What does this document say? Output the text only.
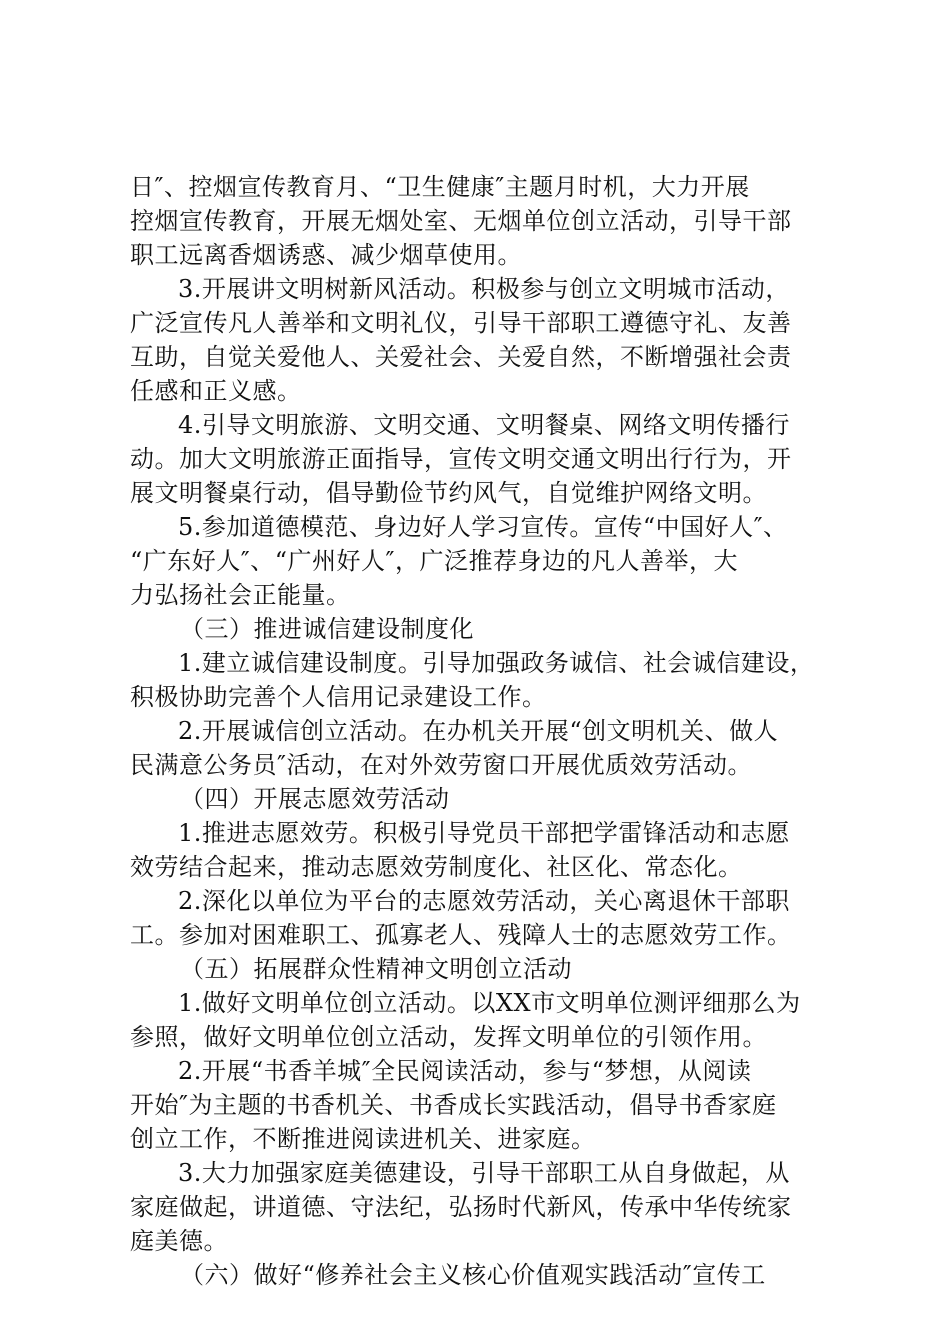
日″、控烟宣传教育月、“卫生健康″主题月时机，大力开展
控烟宣传教育，开展无烟处室、无烟单位创立活动，引导干部
职工远离香烟诱惑、减少烟草使用。
3.开展讲文明树新风活动。积极参与创立文明城市活动，
广泛宣传凡人善举和文明礼仪，引导干部职工遵德守礼、友善
互助，自觉关爱他人、关爱社会、关爱自然，不断增强社会责
任感和正义感。
4.引导文明旅游、文明交通、文明餐桌、网络文明传播行
动。加大文明旅游正面指导，宣传文明交通文明出行行为，开
展文明餐桌行动，倡导勤俭节约风气，自觉维护网络文明。
5.参加道德模范、身边好人学习宣传。宣传“中国好人″、
“广东好人″、“广州好人″，广泛推荐身边的凡人善举，大
力弘扬社会正能量。
（三）推进诚信建设制度化
1.建立诚信建设制度。引导加强政务诚信、社会诚信建设，
积极协助完善个人信用记录建设工作。
2.开展诚信创立活动。在办机关开展“创文明机关、做人
民满意公务员″活动，在对外效劳窗口开展优质效劳活动。
（四）开展志愿效劳活动
1.推进志愿效劳。积极引导党员干部把学雷锋活动和志愿
效劳结合起来，推动志愿效劳制度化、社区化、常态化。
2.深化以单位为平台的志愿效劳活动，关心离退休干部职
工。参加对困难职工、孤寡老人、残障人士的志愿效劳工作。
（五）拓展群众性精神文明创立活动
1.做好文明单位创立活动。以XX市文明单位测评细那么为
参照，做好文明单位创立活动，发挥文明单位的引领作用。
2.开展“书香羊城″全民阅读活动，参与“梦想，从阅读
开始″为主题的书香机关、书香成长实践活动，倡导书香家庭
创立工作，不断推进阅读进机关、进家庭。
3.大力加强家庭美德建设，引导干部职工从自身做起，从
家庭做起，讲道德、守法纪，弘扬时代新风，传承中华传统家
庭美德。
（六）做好“修养社会主义核心价值观实践活动″宣传工
